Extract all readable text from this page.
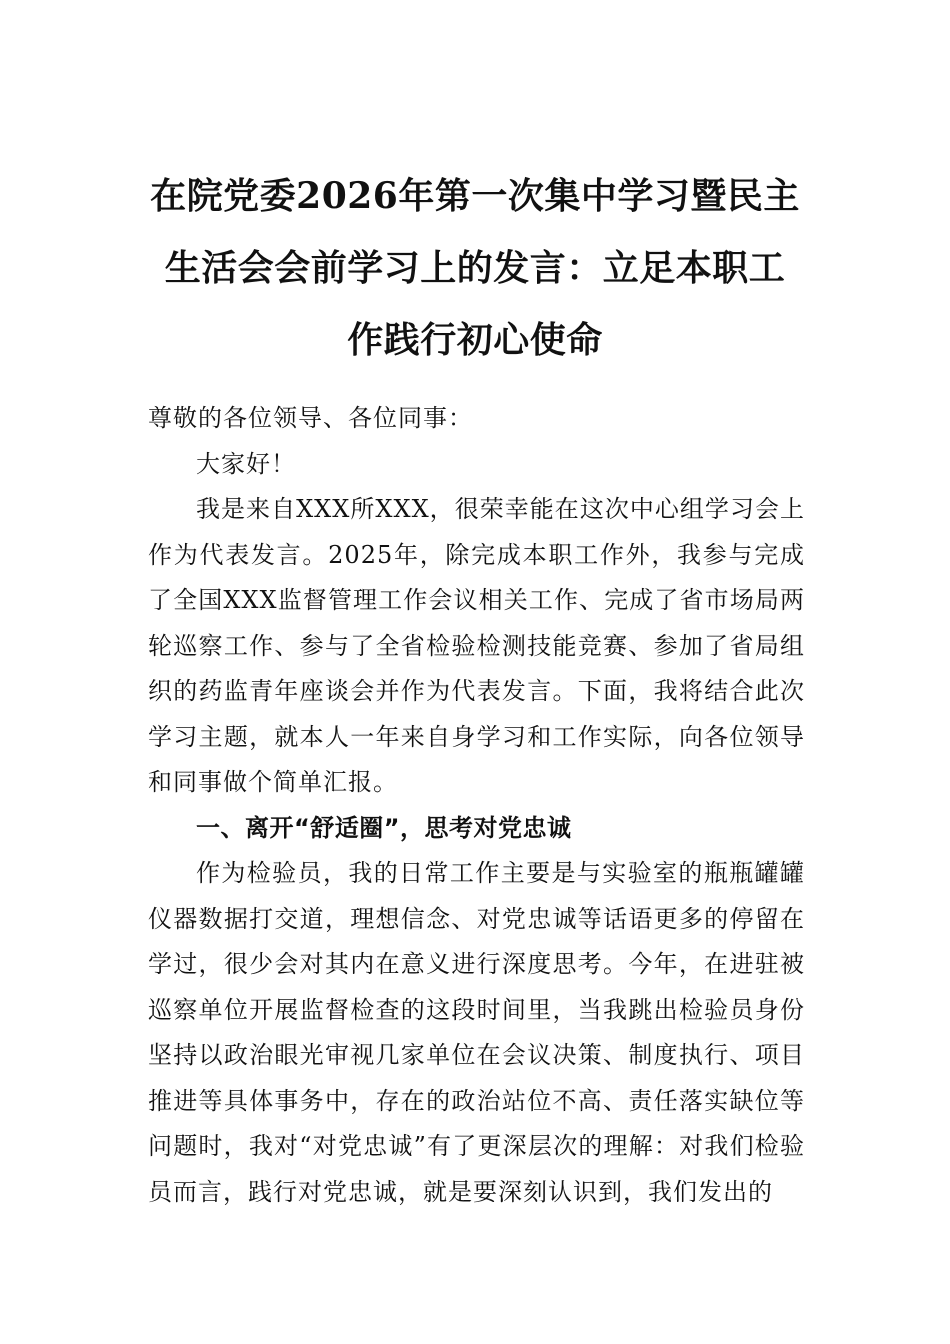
在院党委2026年第一次集中学习暨民主生活会会前学习上的发言：立足本职工作践行初心使命

尊敬的各位领导、各位同事：

大家好！

我是来自XXX所XXX，很荣幸能在这次中心组学习会上作为代表发言。2025年，除完成本职工作外，我参与完成了全国XXX监督管理工作会议相关工作、完成了省市场局两轮巡察工作、参与了全省检验检测技能竞赛、参加了省局组织的药监青年座谈会并作为代表发言。下面，我将结合此次学习主题，就本人一年来自身学习和工作实际，向各位领导和同事做个简单汇报。

一、离开“舒适圈”，思考对党忠诚

作为检验员，我的日常工作主要是与实验室的瓶瓶罐罐仪器数据打交道，理想信念、对党忠诚等话语更多的停留在学过，很少会对其内在意义进行深度思考。今年，在进驻被巡察单位开展监督检查的这段时间里，当我跳出检验员身份坚持以政治眼光审视几家单位在会议决策、制度执行、项目推进等具体事务中，存在的政治站位不高、责任落实缺位等问题时，我对“对党忠诚”有了更深层次的理解：对我们检验员而言，践行对党忠诚，就是要深刻认识到，我们发出的
